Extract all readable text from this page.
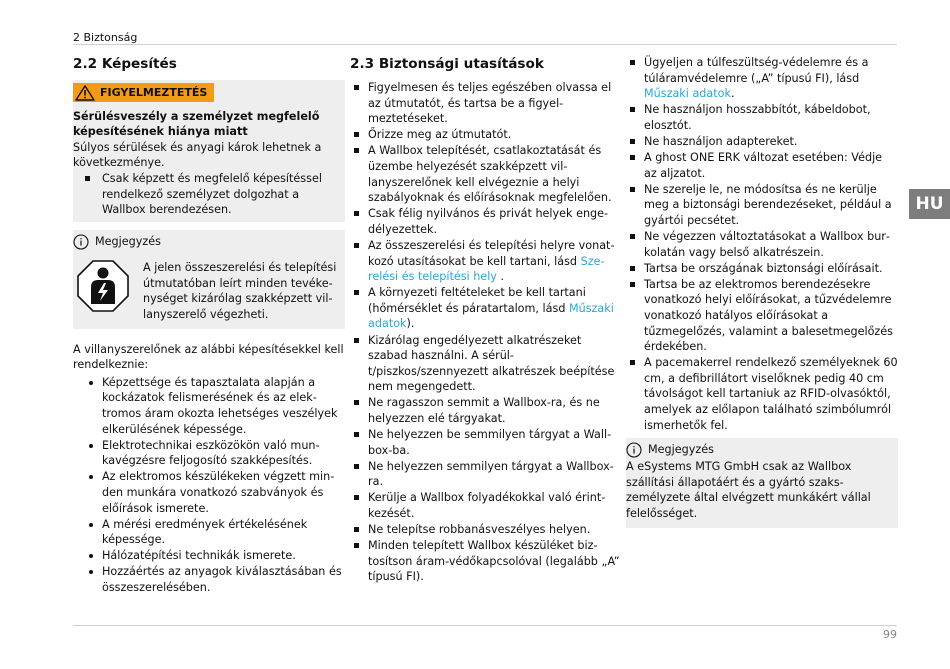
2 Biztonság
2.2 Képesítés
FIGYELMEZTETÉS
Sérülésveszély a személyzet megfelelő képesítésének hiánya miatt

Súlyos sérülések és anyagi károk lehetnek a következménye.

Csak képzett és megfelelő képesítéssel rendelkező személyzet dolgozhat a Wallbox berendezésen.
Megjegyzés

A jelen összeszerelési és telepítési útmutatóban leírt minden tevékenységet kizárólag szakképzett villanyszerelő végezheti.

A villanyszerelőnek az alábbi képesítésekkel kell rendelkeznie:

Képzettsége és tapasztalata alapján a kockázatok felismerésének és az elektromos áram okozta lehetséges veszélyek elkerülésének képessége.
Elektrotechnikai eszközökön való munkavégzésre feljogosító szakképesítés.
Az elektromos készülékeken végzett minden munkára vonatkozó szabványok és előírások ismerete.
A mérési eredmények értékelésének képessége.
Hálózatépítési technikák ismerete.
Hozzáértés az anyagok kiválasztásában és összeszerelésében.
2.3 Biztonsági utasítások
Figyelmesen és teljes egészében olvassa el az útmutatót, és tartsa be a figyelmeztetéseket.
Őrizze meg az útmutatót.
A Wallbox telepítését, csatlakoztatását és üzembe helyezését szakképzett villanyszerelőnek kell elvégeznie a helyi szabályoknak és előírásoknak megfelelően.
Csak félig nyilvános és privát helyek engedélyezettek.
Az összeszerelési és telepítési helyre vonatkozó utasításokat be kell tartani, lásd Szerelési és telepítési hely .
A környezeti feltételeket be kell tartani (hőmérséklet és páratartalom, lásd Műszaki adatok).
Kizárólag engedélyezett alkatrészeket szabad használni. A sérült/piszkos/szennyezett alkatrészek beépítése nem megengedett.
Ne ragasszon semmit a Wallbox-ra, és ne helyezzen elé tárgyakat.
Ne helyezzen be semmilyen tárgyat a Wallbox-ba.
Ne helyezzen semmilyen tárgyat a Wallbox-ra.
Kerülje a Wallbox folyadékokkal való érintkezését.
Ne telepítse robbanásveszélyes helyen.
Minden telepített Wallbox készüléket biztosítson áram-védőkapcsolóval (legalább „A” típusú FI).
Ügyeljen a túlfeszültség-védelemre és a túláramvédelemre („A” típusú FI), lásd Műszaki adatok.
Ne használjon hosszabbítót, kábeldobot, elosztót.
Ne használjon adaptereket.
A ghost ONE ERK változat esetében: Védje az aljzatot.
Ne szerelje le, ne módosítsa és ne kerülje meg a biztonsági berendezéseket, például a gyártói pecsétet.
Ne végezzen változtatásokat a Wallbox burkolatán vagy belső alkatrészein.
Tartsa be országának biztonsági előírásait.
Tartsa be az elektromos berendezésekre vonatkozó helyi előírásokat, a tűzvédelemre vonatkozó hatályos előírásokat a tűzmegelőzés, valamint a balesetmegelőzés érdekében.
A pacemakerrel rendelkező személyeknek 60 cm, a defibrillátort viselőknek pedig 40 cm távolságot kell tartaniuk az RFID-olvasóktól, amelyek az előlapon található szimbólumról ismerhetők fel.
Megjegyzés

A eSystems MTG GmbH csak az Wallbox szállítási állapotáért és a gyártó szakszemélyzete által elvégzett munkákért vállal felelősséget.

HU
99
